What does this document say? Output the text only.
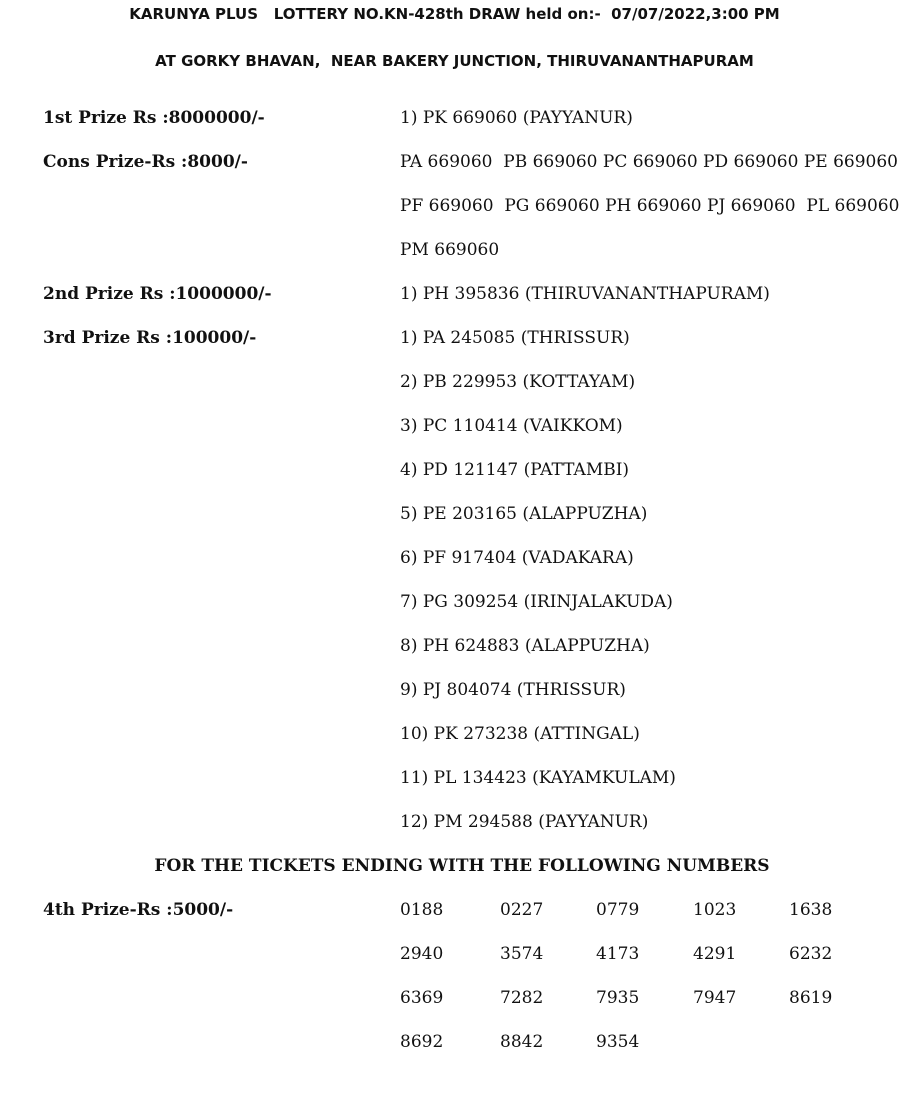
KARUNYA PLUS   LOTTERY NO.KN-428th DRAW held on:-  07/07/2022,3:00 PM
AT GORKY BHAVAN,  NEAR BAKERY JUNCTION, THIRUVANANTHAPURAM
1st Prize Rs :8000000/-	1) PK 669060 (PAYYANUR)
Cons Prize-Rs :8000/-	PA 669060  PB 669060 PC 669060 PD 669060 PE 669060
PF 669060  PG 669060 PH 669060 PJ 669060  PL 669060
PM 669060
2nd Prize Rs :1000000/-	1) PH 395836 (THIRUVANANTHAPURAM)
3rd Prize Rs :100000/-	1) PA 245085 (THRISSUR)
2) PB 229953 (KOTTAYAM)
3) PC 110414 (VAIKKOM)
4) PD 121147 (PATTAMBI)
5) PE 203165 (ALAPPUZHA)
6) PF 917404 (VADAKARA)
7) PG 309254 (IRINJALAKUDA)
8) PH 624883 (ALAPPUZHA)
9) PJ 804074 (THRISSUR)
10) PK 273238 (ATTINGAL)
11) PL 134423 (KAYAMKULAM)
12) PM 294588 (PAYYANUR)
FOR THE TICKETS ENDING WITH THE FOLLOWING NUMBERS
4th Prize-Rs :5000/-	0188	0227	0779	1023	1638
2940	3574	4173	4291	6232
6369	7282	7935	7947	8619
8692	8842	9354
